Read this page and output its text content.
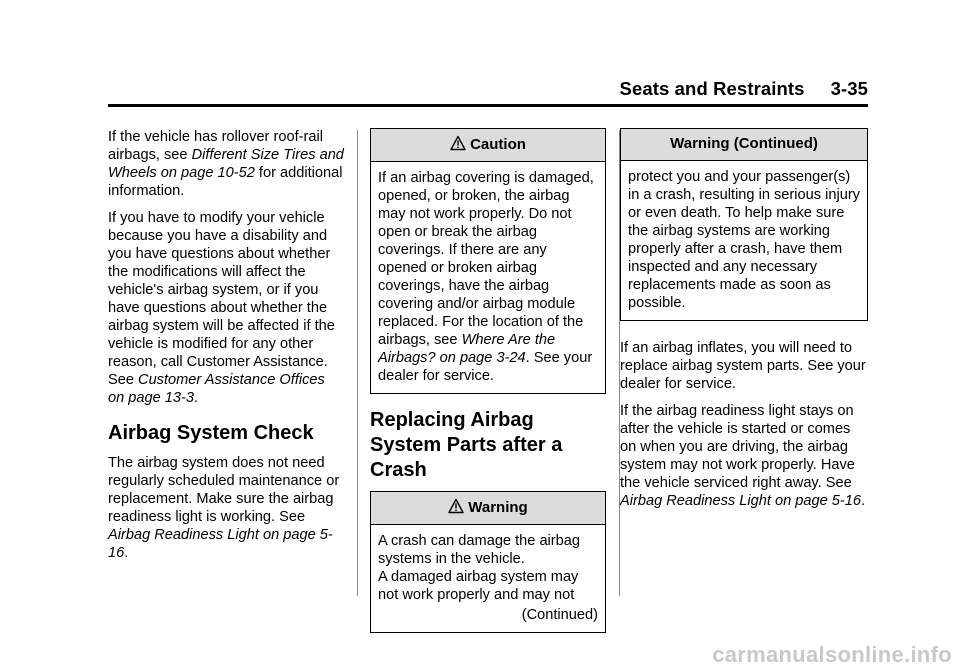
Seats and Restraints 3-35

If the vehicle has rollover roof-rail airbags, see Different Size Tires and Wheels on page 10-52 for additional information.

If you have to modify your vehicle because you have a disability and you have questions about whether the modifications will affect the vehicle's airbag system, or if you have questions about whether the airbag system will be affected if the vehicle is modified for any other reason, call Customer Assistance. See Customer Assistance Offices on page 13-3.

Airbag System Check

The airbag system does not need regularly scheduled maintenance or replacement. Make sure the airbag readiness light is working. See Airbag Readiness Light on page 5-16.

Caution

If an airbag covering is damaged, opened, or broken, the airbag may not work properly. Do not open or break the airbag coverings. If there are any opened or broken airbag coverings, have the airbag covering and/or airbag module replaced. For the location of the airbags, see Where Are the Airbags? on page 3-24. See your dealer for service.

Replacing Airbag System Parts after a Crash
Warning

A crash can damage the airbag systems in the vehicle.

A damaged airbag system may not work properly and may not

(Continued)

Warning (Continued)

protect you and your passenger(s) in a crash, resulting in serious injury or even death. To help make sure the airbag systems are working properly after a crash, have them inspected and any necessary replacements made as soon as possible.

If an airbag inflates, you will need to replace airbag system parts. See your dealer for service.

If the airbag readiness light stays on after the vehicle is started or comes on when you are driving, the airbag system may not work properly. Have the vehicle serviced right away. See Airbag Readiness Light on page 5-16.

carmanualsonline.info
